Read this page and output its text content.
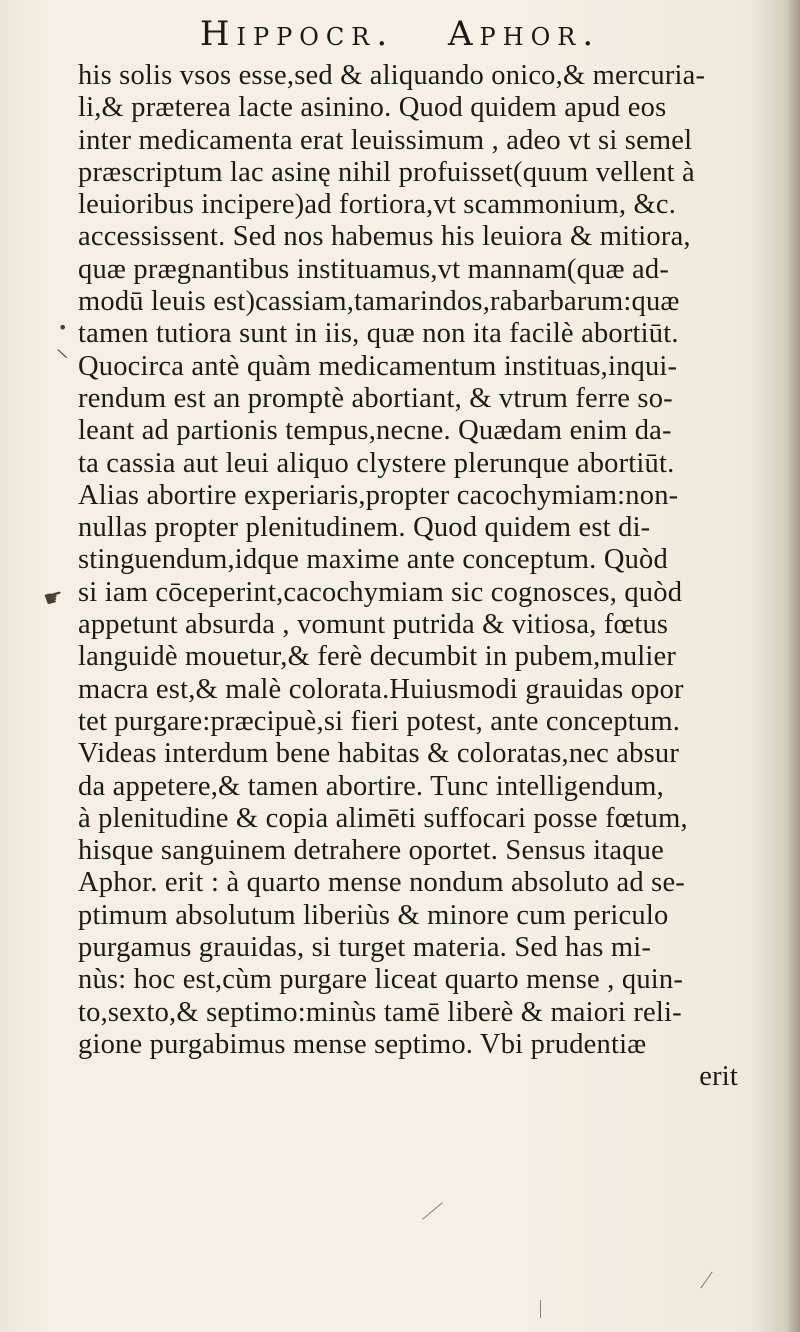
Hippocr. Aphor.
•
\
☛
his solis vsos esse,sed & aliquando onico,& mercuria-
li,& præterea lacte asinino. Quod quidem apud eos
inter medicamenta erat leuissimum , adeo vt si semel
præscriptum lac asinę nihil profuisset(quum vellent à
leuioribus incipere)ad fortiora,vt scammonium, &c.
accessissent. Sed nos habemus his leuiora & mitiora,
quæ prægnantibus instituamus,vt mannam(quæ ad-
modū leuis est)cassiam,tamarindos,rabarbarum:quæ
tamen tutiora sunt in iis, quæ non ita facilè abortiūt.
Quocirca antè quàm medicamentum instituas,inqui-
rendum est an promptè abortiant, & vtrum ferre so-
leant ad partionis tempus,necne. Quædam enim da-
ta cassia aut leui aliquo clystere plerunque abortiūt.
Alias abortire experiaris,propter cacochymiam:non-
nullas propter plenitudinem. Quod quidem est di-
stinguendum,idque maxime ante conceptum. Quòd
si iam cōceperint,cacochymiam sic cognosces, quòd
appetunt absurda , vomunt putrida & vitiosa, fœtus
languidè mouetur,& ferè decumbit in pubem,mulier
macra est,& malè colorata.Huiusmodi grauidas opor
tet purgare:præcipuè,si fieri potest, ante conceptum.
Videas interdum bene habitas & coloratas,nec absur
da appetere,& tamen abortire. Tunc intelligendum,
à plenitudine & copia alimēti suffocari posse fœtum,
hisque sanguinem detrahere oportet. Sensus itaque
Aphor. erit : à quarto mense nondum absoluto ad se-
ptimum absolutum liberiùs & minore cum periculo
purgamus grauidas, si turget materia. Sed has mi-
nùs: hoc est,cùm purgare liceat quarto mense , quin-
to,sexto,& septimo:minùs tamē liberè & maiori reli-
gione purgabimus mense septimo. Vbi prudentiæ
erit
